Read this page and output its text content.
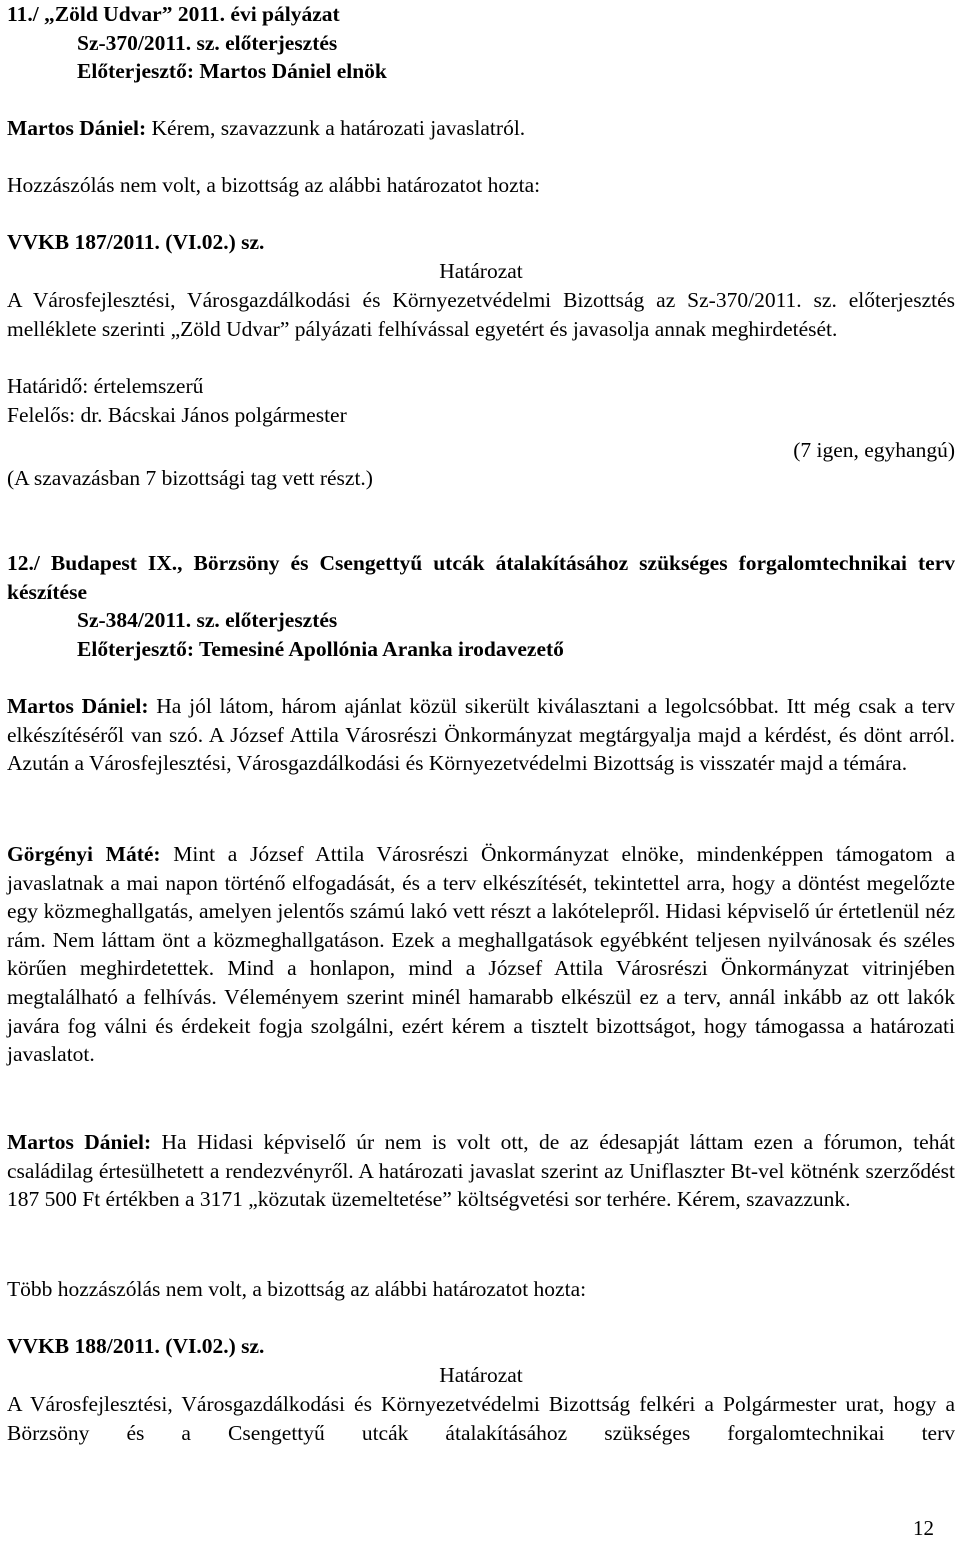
11./ „Zöld Udvar” 2011. évi pályázat
Sz-370/2011. sz. előterjesztés
Előterjesztő: Martos Dániel elnök
Martos Dániel: Kérem, szavazzunk a határozati javaslatról.
Hozzászólás nem volt, a bizottság az alábbi határozatot hozta:
VVKB 187/2011. (VI.02.) sz.
Határozat
A Városfejlesztési, Városgazdálkodási és Környezetvédelmi Bizottság az Sz-370/2011. sz. előterjesztés melléklete szerinti „Zöld Udvar” pályázati felhívással egyetért és javasolja annak meghirdetését.
Határidő: értelemszerű
Felelős: dr. Bácskai János polgármester
(7 igen, egyhangú)
(A szavazásban 7 bizottsági tag vett részt.)
12./ Budapest IX., Börzsöny és Csengettyű utcák átalakításához szükséges forgalomtechnikai terv készítése
Sz-384/2011. sz. előterjesztés
Előterjesztő: Temesiné Apollónia Aranka irodavezető
Martos Dániel: Ha jól látom, három ajánlat közül sikerült kiválasztani a legolcsóbbat. Itt még csak a terv elkészítéséről van szó. A József Attila Városrészi Önkormányzat megtárgyalja majd a kérdést, és dönt arról. Azután a Városfejlesztési, Városgazdálkodási és Környezetvédelmi Bizottság is visszatér majd a témára.
Görgényi Máté: Mint a József Attila Városrészi Önkormányzat elnöke, mindenképpen támogatom a javaslatnak a mai napon történő elfogadását, és a terv elkészítését, tekintettel arra, hogy a döntést megelőzte egy közmeghallgatás, amelyen jelentős számú lakó vett részt a lakótelepről. Hidasi képviselő úr értetlenül néz rám. Nem láttam önt a közmeghallgatáson. Ezek a meghallgatások egyébként teljesen nyilvánosak és széles körűen meghirdetettek. Mind a honlapon, mind a József Attila Városrészi Önkormányzat vitrinjében megtalálható a felhívás. Véleményem szerint minél hamarabb elkészül ez a terv, annál inkább az ott lakók javára fog válni és érdekeit fogja szolgálni, ezért kérem a tisztelt bizottságot, hogy támogassa a határozati javaslatot.
Martos Dániel: Ha Hidasi képviselő úr nem is volt ott, de az édesapját láttam ezen a fórumon, tehát családilag értesülhetett a rendezvényről. A határozati javaslat szerint az Uniflaszter Bt-vel kötnénk szerződést 187 500 Ft értékben a 3171 „közutak üzemeltetése” költségvetési sor terhére. Kérem, szavazzunk.
Több hozzászólás nem volt, a bizottság az alábbi határozatot hozta:
VVKB 188/2011. (VI.02.) sz.
Határozat
A Városfejlesztési, Városgazdálkodási és Környezetvédelmi Bizottság felkéri a Polgármester urat, hogy a Börzsöny és a Csengettyű utcák átalakításához szükséges forgalomtechnikai terv
12
